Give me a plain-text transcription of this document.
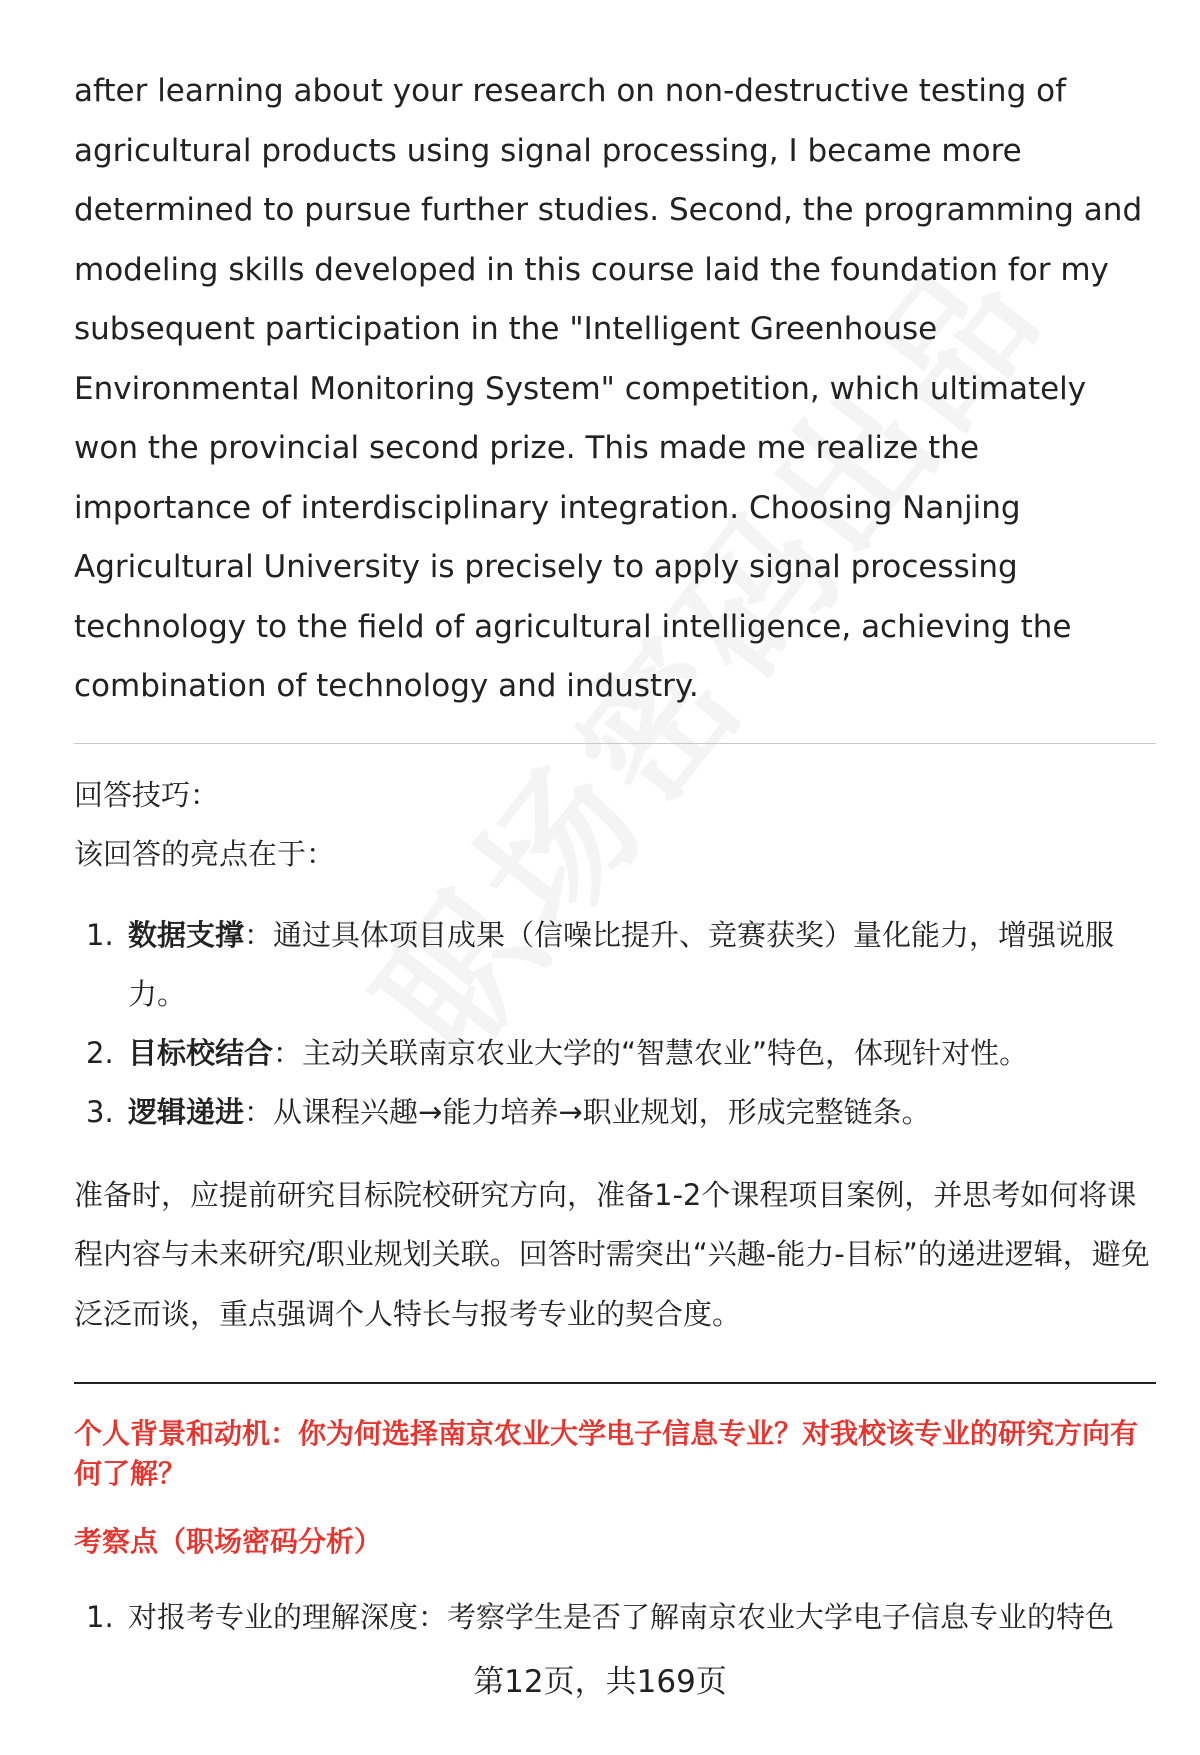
after learning about your research on non-destructive testing of agricultural products using signal processing, I became more determined to pursue further studies. Second, the programming and modeling skills developed in this course laid the foundation for my subsequent participation in the "Intelligent Greenhouse Environmental Monitoring System" competition, which ultimately won the provincial second prize. This made me realize the importance of interdisciplinary integration. Choosing Nanjing Agricultural University is precisely to apply signal processing technology to the field of agricultural intelligence, achieving the combination of technology and industry.

回答技巧：

该回答的亮点在于：

1. 数据支撑：通过具体项目成果（信噪比提升、竞赛获奖）量化能力，增强说服力。
2. 目标校结合：主动关联南京农业大学的“智慧农业”特色，体现针对性。
3. 逻辑递进：从课程兴趣→能力培养→职业规划，形成完整链条。

准备时，应提前研究目标院校研究方向，准备1-2个课程项目案例，并思考如何将课程内容与未来研究/职业规划关联。回答时需突出“兴趣-能力-目标”的递进逻辑，避免泛泛而谈，重点强调个人特长与报考专业的契合度。

个人背景和动机：你为何选择南京农业大学电子信息专业？对我校该专业的研究方向有何了解？

考察点（职场密码分析）

1. 对报考专业的理解深度：考察学生是否了解南京农业大学电子信息专业的特色
第12页，共169页
